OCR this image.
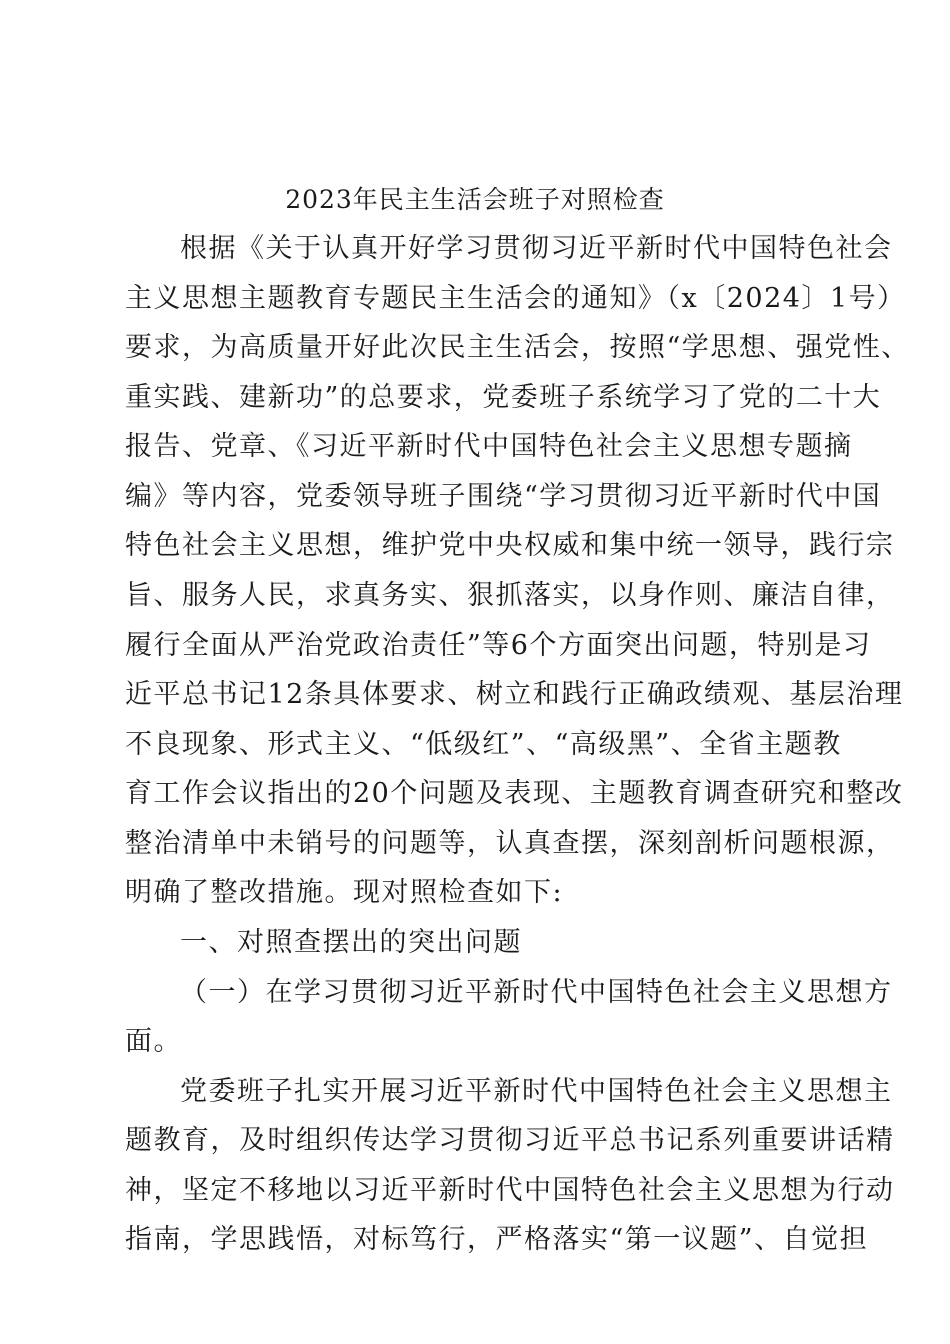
2023年民主生活会班子对照检查

根据《关于认真开好学习贯彻习近平新时代中国特色社会

主义思想主题教育专题民主生活会的通知》（x〔2024〕1号）

要求，为高质量开好此次民主生活会，按照“学思想、强党性、

重实践、建新功”的总要求，党委班子系统学习了党的二十大

报告、党章、《习近平新时代中国特色社会主义思想专题摘

编》等内容，党委领导班子围绕“学习贯彻习近平新时代中国

特色社会主义思想，维护党中央权威和集中统一领导，践行宗

旨、服务人民，求真务实、狠抓落实，以身作则、廉洁自律，

履行全面从严治党政治责任”等6个方面突出问题，特别是习

近平总书记12条具体要求、树立和践行正确政绩观、基层治理

不良现象、形式主义、“低级红”、“高级黑”、全省主题教

育工作会议指出的20个问题及表现、主题教育调查研究和整改

整治清单中未销号的问题等，认真查摆，深刻剖析问题根源，

明确了整改措施。现对照检查如下:

一、对照查摆出的突出问题

（一）在学习贯彻习近平新时代中国特色社会主义思想方

面。

党委班子扎实开展习近平新时代中国特色社会主义思想主

题教育，及时组织传达学习贯彻习近平总书记系列重要讲话精

神，坚定不移地以习近平新时代中国特色社会主义思想为行动

指南，学思践悟，对标笃行，严格落实“第一议题”、自觉担
